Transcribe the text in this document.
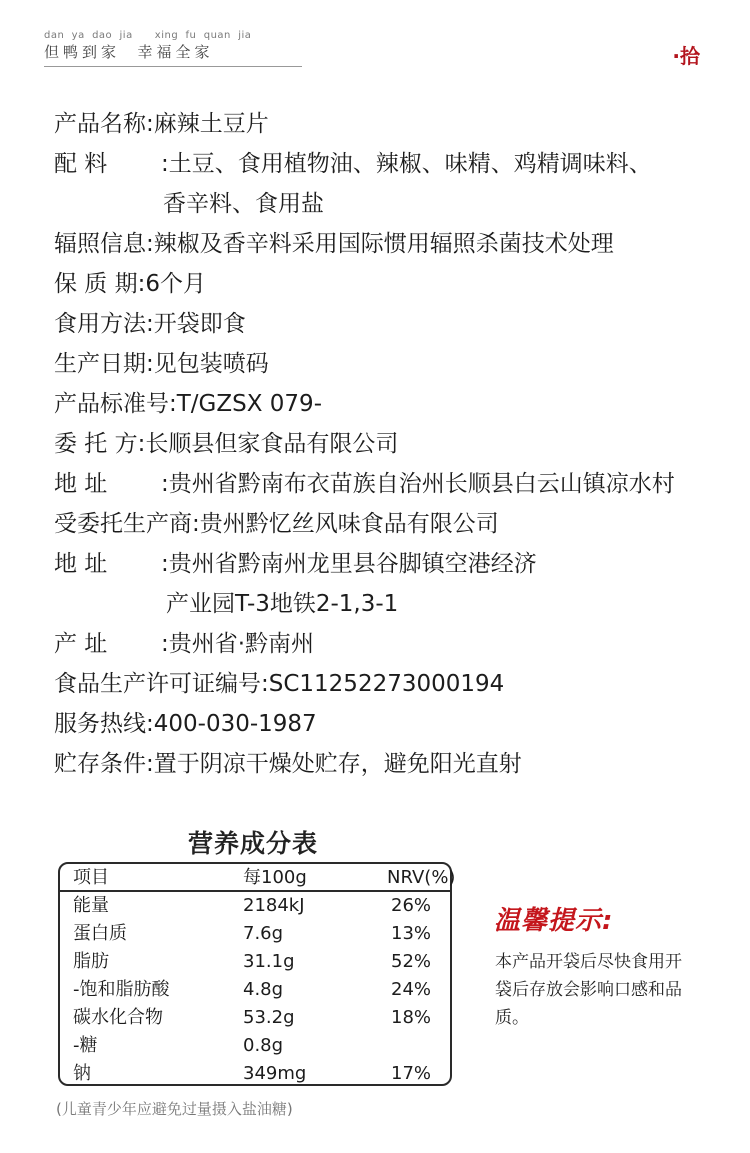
dan  ya  dao  jia      xing  fu  quan  jia
但鸭到家  幸福全家	·拾
产品名称:麻辣土豆片
配 料 :土豆、食用植物油、辣椒、味精、鸡精调味料、
香辛料、食用盐
辐照信息:辣椒及香辛料采用国际惯用辐照杀菌技术处理
保 质 期:6个月
食用方法:开袋即食
生产日期:见包装喷码
产品标准号:T/GZSX 079-
委 托 方:长顺县但家食品有限公司
地 址 :贵州省黔南布衣苗族自治州长顺县白云山镇凉水村
受委托生产商:贵州黔忆丝风味食品有限公司
地 址 :贵州省黔南州龙里县谷脚镇空港经济
产业园T-3地铁2-1,3-1
产 址 :贵州省·黔南州
食品生产许可证编号:SC11252273000194
服务热线:400-030-1987
贮存条件:置于阴凉干燥处贮存，避免阳光直射
营养成分表
项目	每100g	NRV(%)
能量	2184kJ	26%
蛋白质	7.6g	13%
脂肪	31.1g	52%
-饱和脂肪酸	4.8g	24%
碳水化合物	53.2g	18%
-糖	0.8g
钠	349mg	17%
(儿童青少年应避免过量摄入盐油糖)
温馨提示:
本产品开袋后尽快食用开袋后存放会影响口感和品质。
